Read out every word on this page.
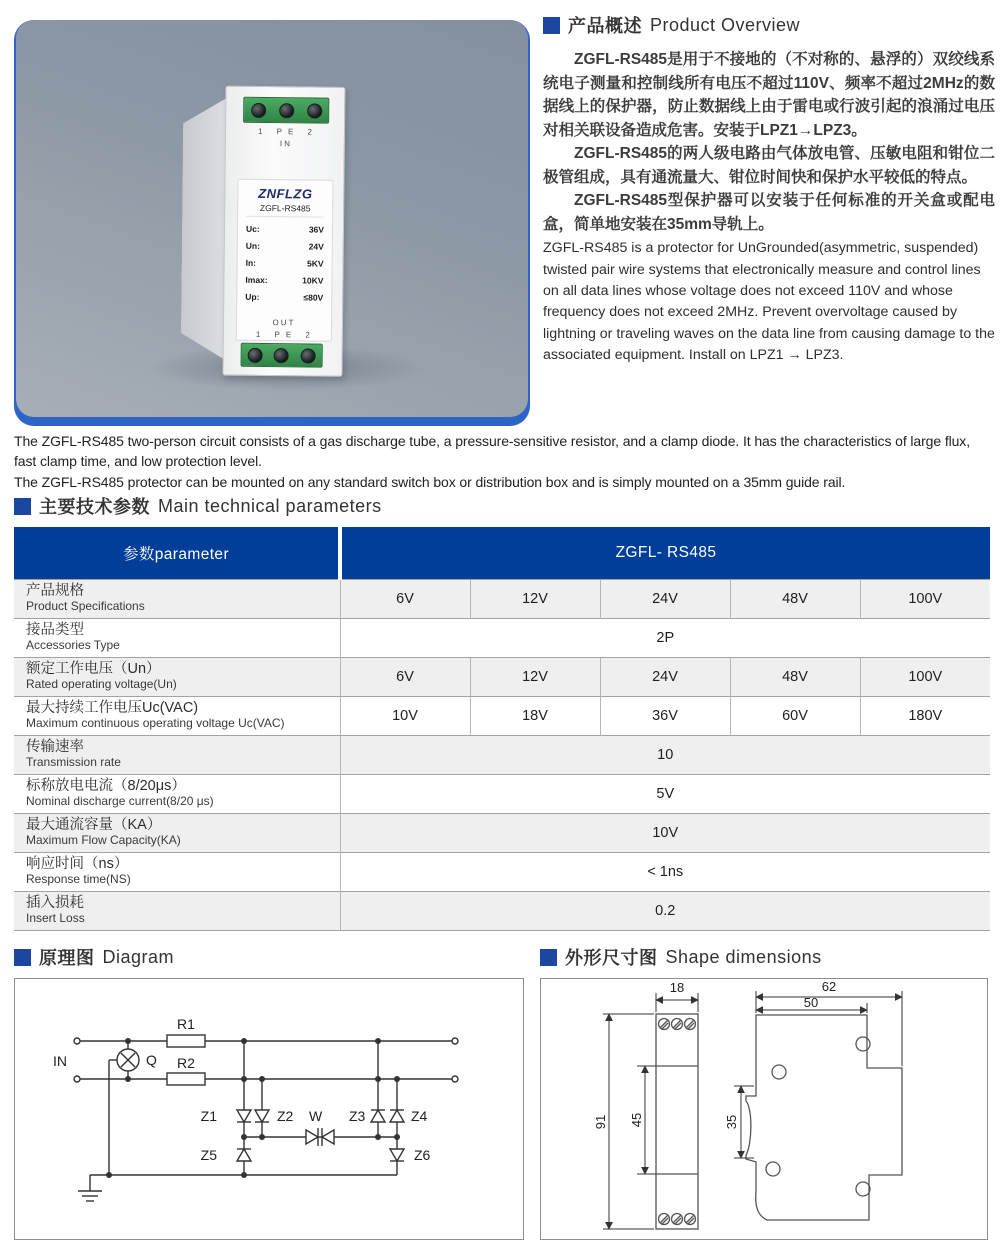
1 PE 2
IN
ZNFLZG
ZGFL-RS485
Uc:	36V
Un:	24V
In:	5KV
Imax:	10KV
Up:	≤80V
OUT
1 PE 2
产品概述 Product Overview

ZGFL-RS485是用于不接地的（不对称的、悬浮的）双绞线系统电子测量和控制线所有电压不超过110V、频率不超过2MHz的数据线上的保护器，防止数据线上由于雷电或行波引起的浪涌过电压对相关联设备造成危害。安装于LPZ1→LPZ3。

ZGFL-RS485的两人级电路由气体放电管、压敏电阻和钳位二极管组成，具有通流量大、钳位时间快和保护水平较低的特点。

ZGFL-RS485型保护器可以安装于任何标准的开关盒或配电盒，简单地安装在35mm导轨上。

ZGFL-RS485 is a protector for UnGrounded(asymmetric, suspended) twisted pair wire systems that electronically measure and control lines on all data lines whose voltage does not exceed 110V and whose frequency does not exceed 2MHz. Prevent overvoltage caused by lightning or traveling waves on the data line from causing damage to the associated equipment. Install on LPZ1 → LPZ3.

The ZGFL-RS485 two-person circuit consists of a gas discharge tube, a pressure-sensitive resistor, and a clamp diode. It has the characteristics of large flux, fast clamp time, and low protection level.

The ZGFL-RS485 protector can be mounted on any standard switch box or distribution box and is simply mounted on a 35mm guide rail.

主要技术参数 Main technical parameters
参数parameter	ZGFL- RS485				

产品规格
Product Specifications	6V	12V	24V	48V	100V

接品类型
Accessories Type	2P				

额定工作电压（Un）
Rated operating voltage(Un)	6V	12V	24V	48V	100V

最大持续工作电压Uc(VAC)
Maximum continuous operating voltage Uc(VAC)	10V	18V	36V	60V	180V

传输速率
Transmission rate	10				

标称放电电流（8/20μs）
Nominal discharge current(8/20 μs)	5V				

最大通流容量（KA）
Maximum Flow Capacity(KA)	10V				

响应时间（ns）
Response time(NS)	< 1ns				

插入损耗
Insert Loss	0.2				
原理图 Diagram	外形尺寸图 Shape dimensions
IN	Q
R1
R2
Z1	Z2	Z3	Z4
Z5	Z6
W
18
91 45
62
50
35
